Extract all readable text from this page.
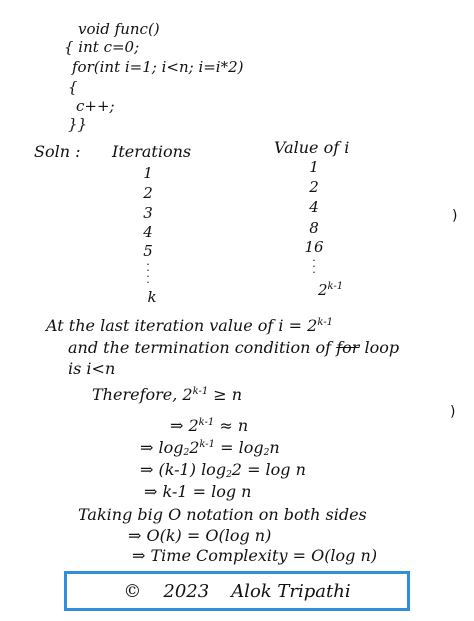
void func()
{ int c=0;
for(int i=1; i<n; i=i*2)
{
c++;
}}
Soln : Iterations	Value of i
1
2
3
4
5
·
·
·
·
k
1
2
4
8
16
·
·
·
$2^{k-1}$
)
)
At the last iteration value of $i = 2^{k-1}$
and the termination condition of for loop
is i<n
Therefore, $2^{k-1} \ge n$
⇒ $2^{k-1} \approx n$
⇒ $\log_22^{k-1} = \log_2n$
⇒ (k-1) $\log_22 = \log n$
⇒ k-1 = log n
Taking big O notation on both sides
⇒ O(k) = O(log n)
⇒ Time Complexity = O(log n)
© 2023 Alok Tripathi
